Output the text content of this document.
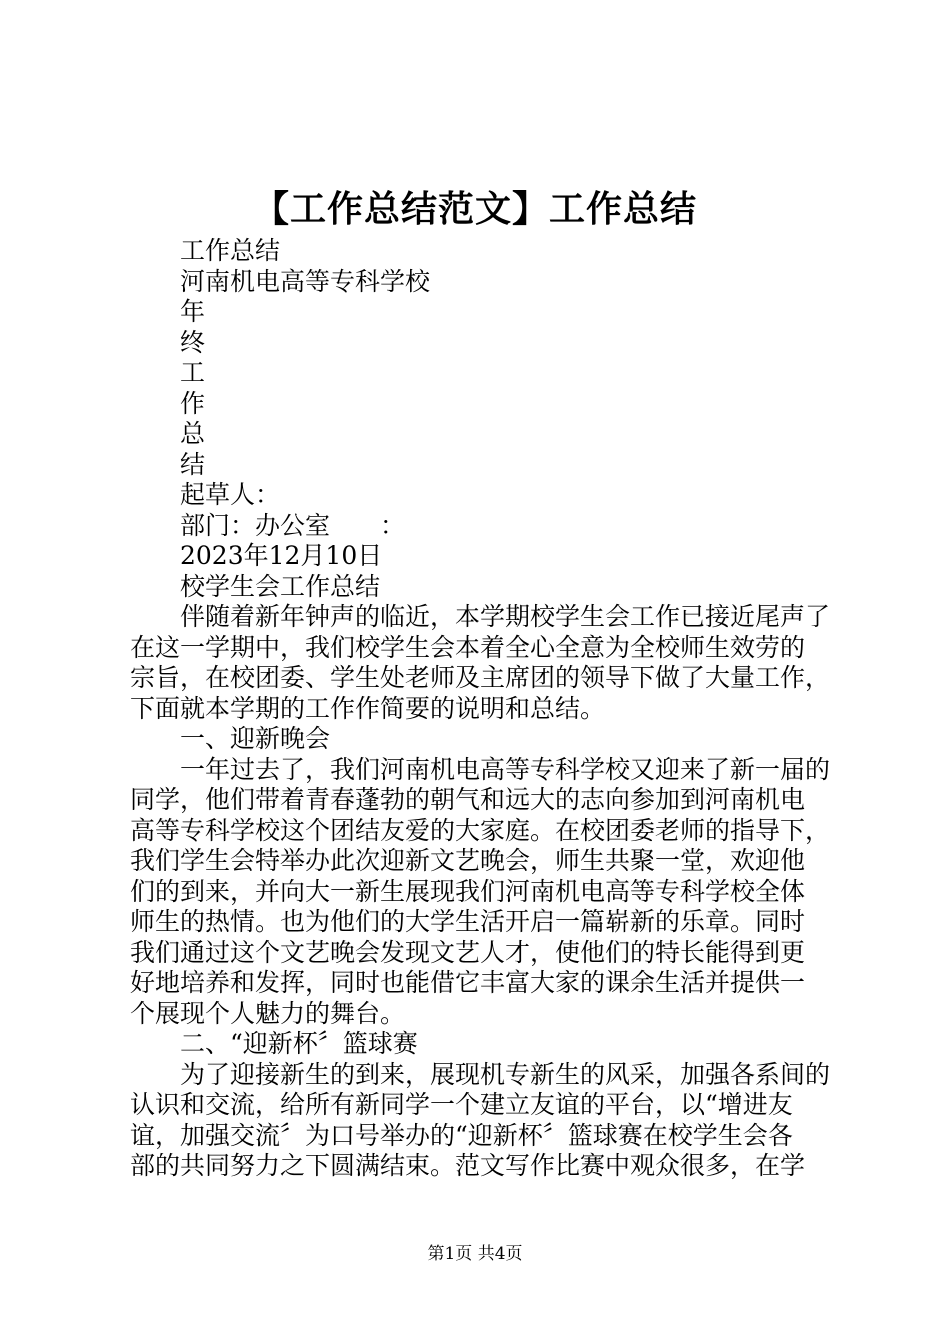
【工作总结范文】工作总结
工作总结
河南机电高等专科学校
年
终
工
作
总
结
起草人：
部门：办公室　　：
2023年12月10日
校学生会工作总结
伴随着新年钟声的临近，本学期校学生会工作已接近尾声了
在这一学期中，我们校学生会本着全心全意为全校师生效劳的
宗旨，在校团委、学生处老师及主席团的领导下做了大量工作，
下面就本学期的工作作简要的说明和总结。
一、迎新晚会
一年过去了，我们河南机电高等专科学校又迎来了新一届的
同学，他们带着青春蓬勃的朝气和远大的志向参加到河南机电
高等专科学校这个团结友爱的大家庭。在校团委老师的指导下，
我们学生会特举办此次迎新文艺晚会，师生共聚一堂，欢迎他
们的到来，并向大一新生展现我们河南机电高等专科学校全体
师生的热情。也为他们的大学生活开启一篇崭新的乐章。同时
我们通过这个文艺晚会发现文艺人才，使他们的特长能得到更
好地培养和发挥，同时也能借它丰富大家的课余生活并提供一
个展现个人魅力的舞台。
二、“迎新杯〞篮球赛
为了迎接新生的到来，展现机专新生的风采，加强各系间的
认识和交流，给所有新同学一个建立友谊的平台，以“增进友
谊，加强交流〞为口号举办的“迎新杯〞篮球赛在校学生会各
部的共同努力之下圆满结束。范文写作比赛中观众很多，在学
第1页 共4页
